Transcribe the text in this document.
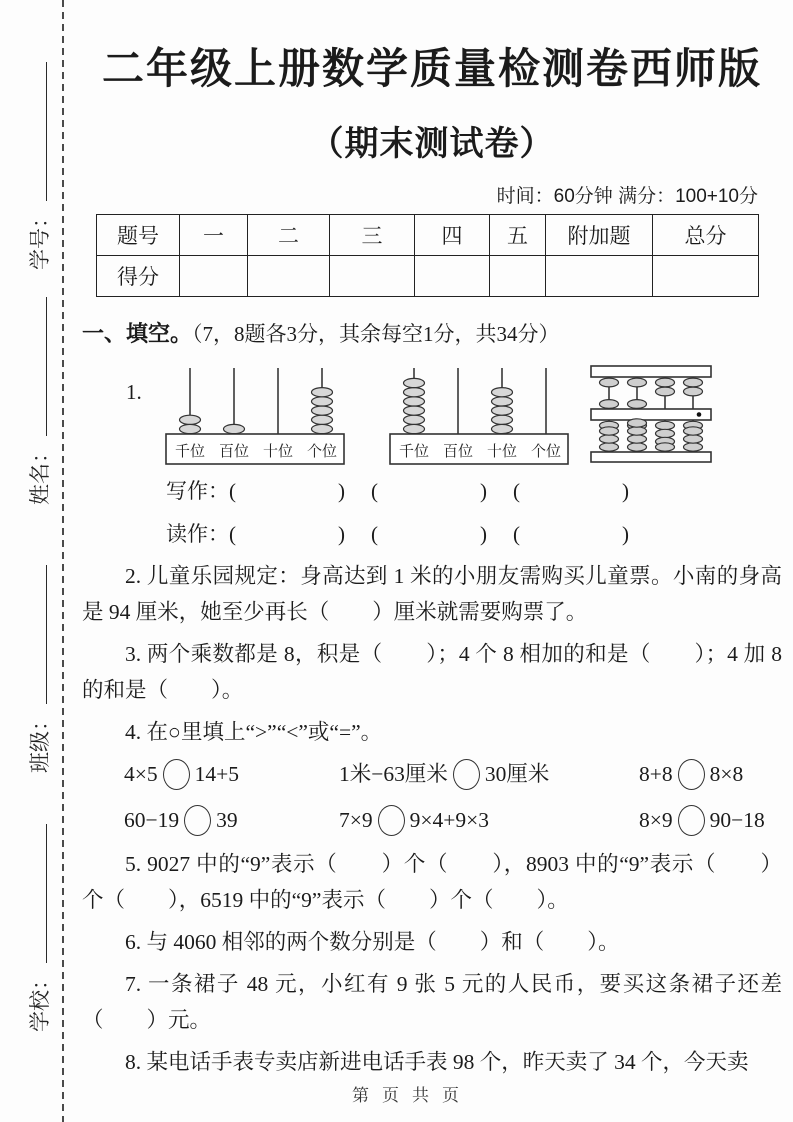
学号：
姓名：
班级：
学校：
二年级上册数学质量检测卷西师版
（期末测试卷）
时间：60分钟 满分：100+10分
题号	一	二	三	四	五	附加题	总分
得分							
一、填空。（7，8题各3分，其余每空1分，共34分）
1.
千位 百位 十位 个位	千位 百位 十位 个位
写作： (	) (	) (	)
读作： (	) (	) (	)

2. 儿童乐园规定：身高达到 1 米的小朋友需购买儿童票。小南的身高是 94 厘米，她至少再长（　　）厘米就需要购票了。

3. 两个乘数都是 8，积是（　　）；4 个 8 相加的和是（　　）；4 加 8 的和是（　　）。

4. 在○里填上“>”“<”或“=”。

4×5 14+5	1米−63厘米 30厘米	8+8 8×8
60−19 39	7×9 9×4+9×3	8×9 90−18

5. 9027 中的“9”表示（　　）个（　　），8903 中的“9”表示（　　）个（　　），6519 中的“9”表示（　　）个（　　）。

6. 与 4060 相邻的两个数分别是（　　）和（　　）。

7. 一条裙子 48 元，小红有 9 张 5 元的人民币，要买这条裙子还差（　　）元。

8. 某电话手表专卖店新进电话手表 98 个，昨天卖了 34 个，今天卖

第页共页
